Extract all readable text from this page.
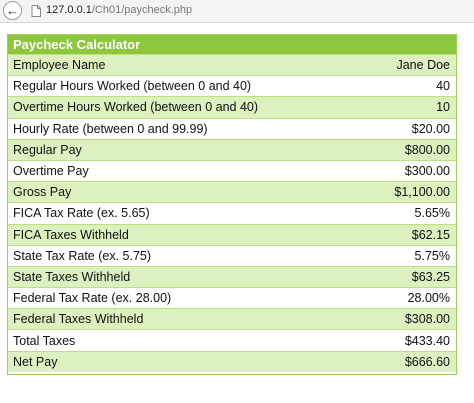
← 127.0.0.1/Ch01/paycheck.php
Paycheck Calculator
Employee Name	Jane Doe
Regular Hours Worked (between 0 and 40)	40
Overtime Hours Worked (between 0 and 40)	10
Hourly Rate (between 0 and 99.99)	$20.00
Regular Pay	$800.00
Overtime Pay	$300.00
Gross Pay	$1,100.00
FICA Tax Rate (ex. 5.65)	5.65%
FICA Taxes Withheld	$62.15
State Tax Rate (ex. 5.75)	5.75%
State Taxes Withheld	$63.25
Federal Tax Rate (ex. 28.00)	28.00%
Federal Taxes Withheld	$308.00
Total Taxes	$433.40
Net Pay	$666.60
